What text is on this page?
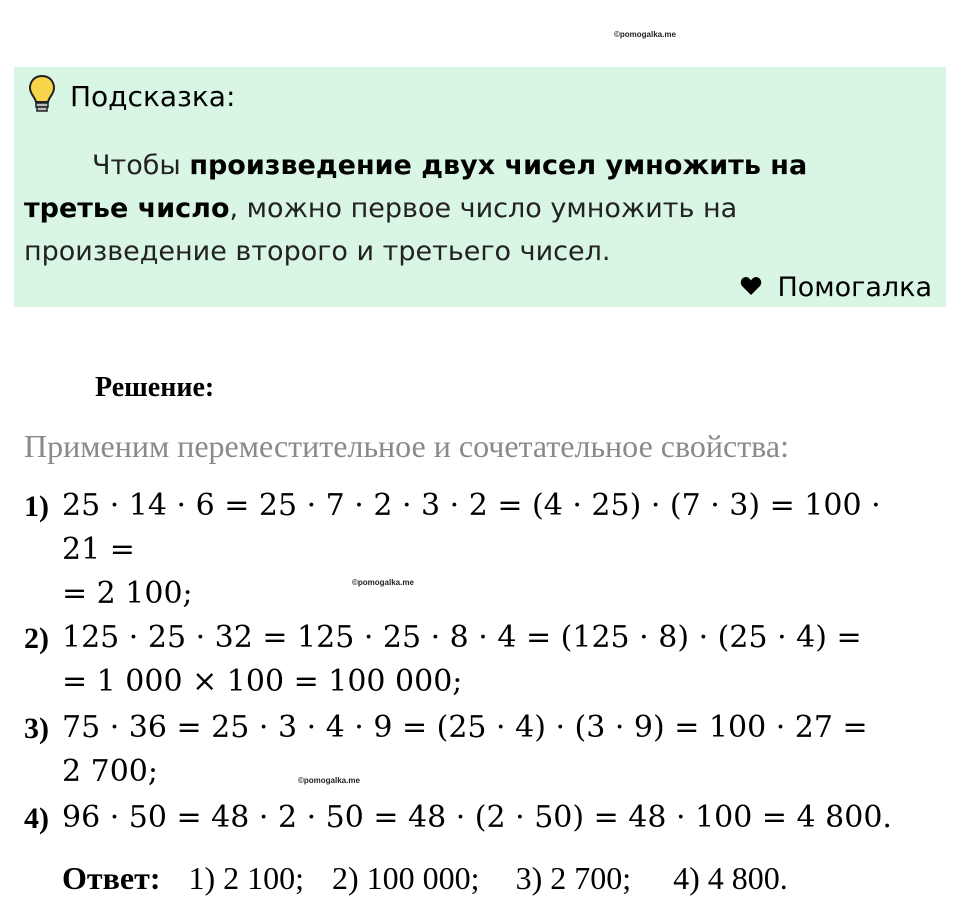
©pomogalka.me
Подсказка:
Чтобы произведение двух чисел умножить на третье число, можно первое число умножить на произведение второго и третьего чисел.
Помогалка
Решение:
Применим переместительное и сочетательное свойства:
1) 25 · 14 · 6 = 25 · 7 · 2 · 3 · 2 = (4 · 25) · (7 · 3) = 100 ·
21 =
©pomogalka.me
= 2 100;
2) 125 · 25 · 32 = 125 · 25 · 8 · 4 = (125 · 8) · (25 · 4) =
= 1 000 × 100 = 100 000;
3) 75 · 36 = 25 · 3 · 4 · 9 = (25 · 4) · (3 · 9) = 100 · 27 =
2 700;	©pomogalka.me
4) 96 · 50 = 48 · 2 · 50 = 48 · (2 · 50) = 48 · 100 = 4 800.
Ответ: 1) 2 100; 2) 100 000; 3) 2 700; 4) 4 800.
